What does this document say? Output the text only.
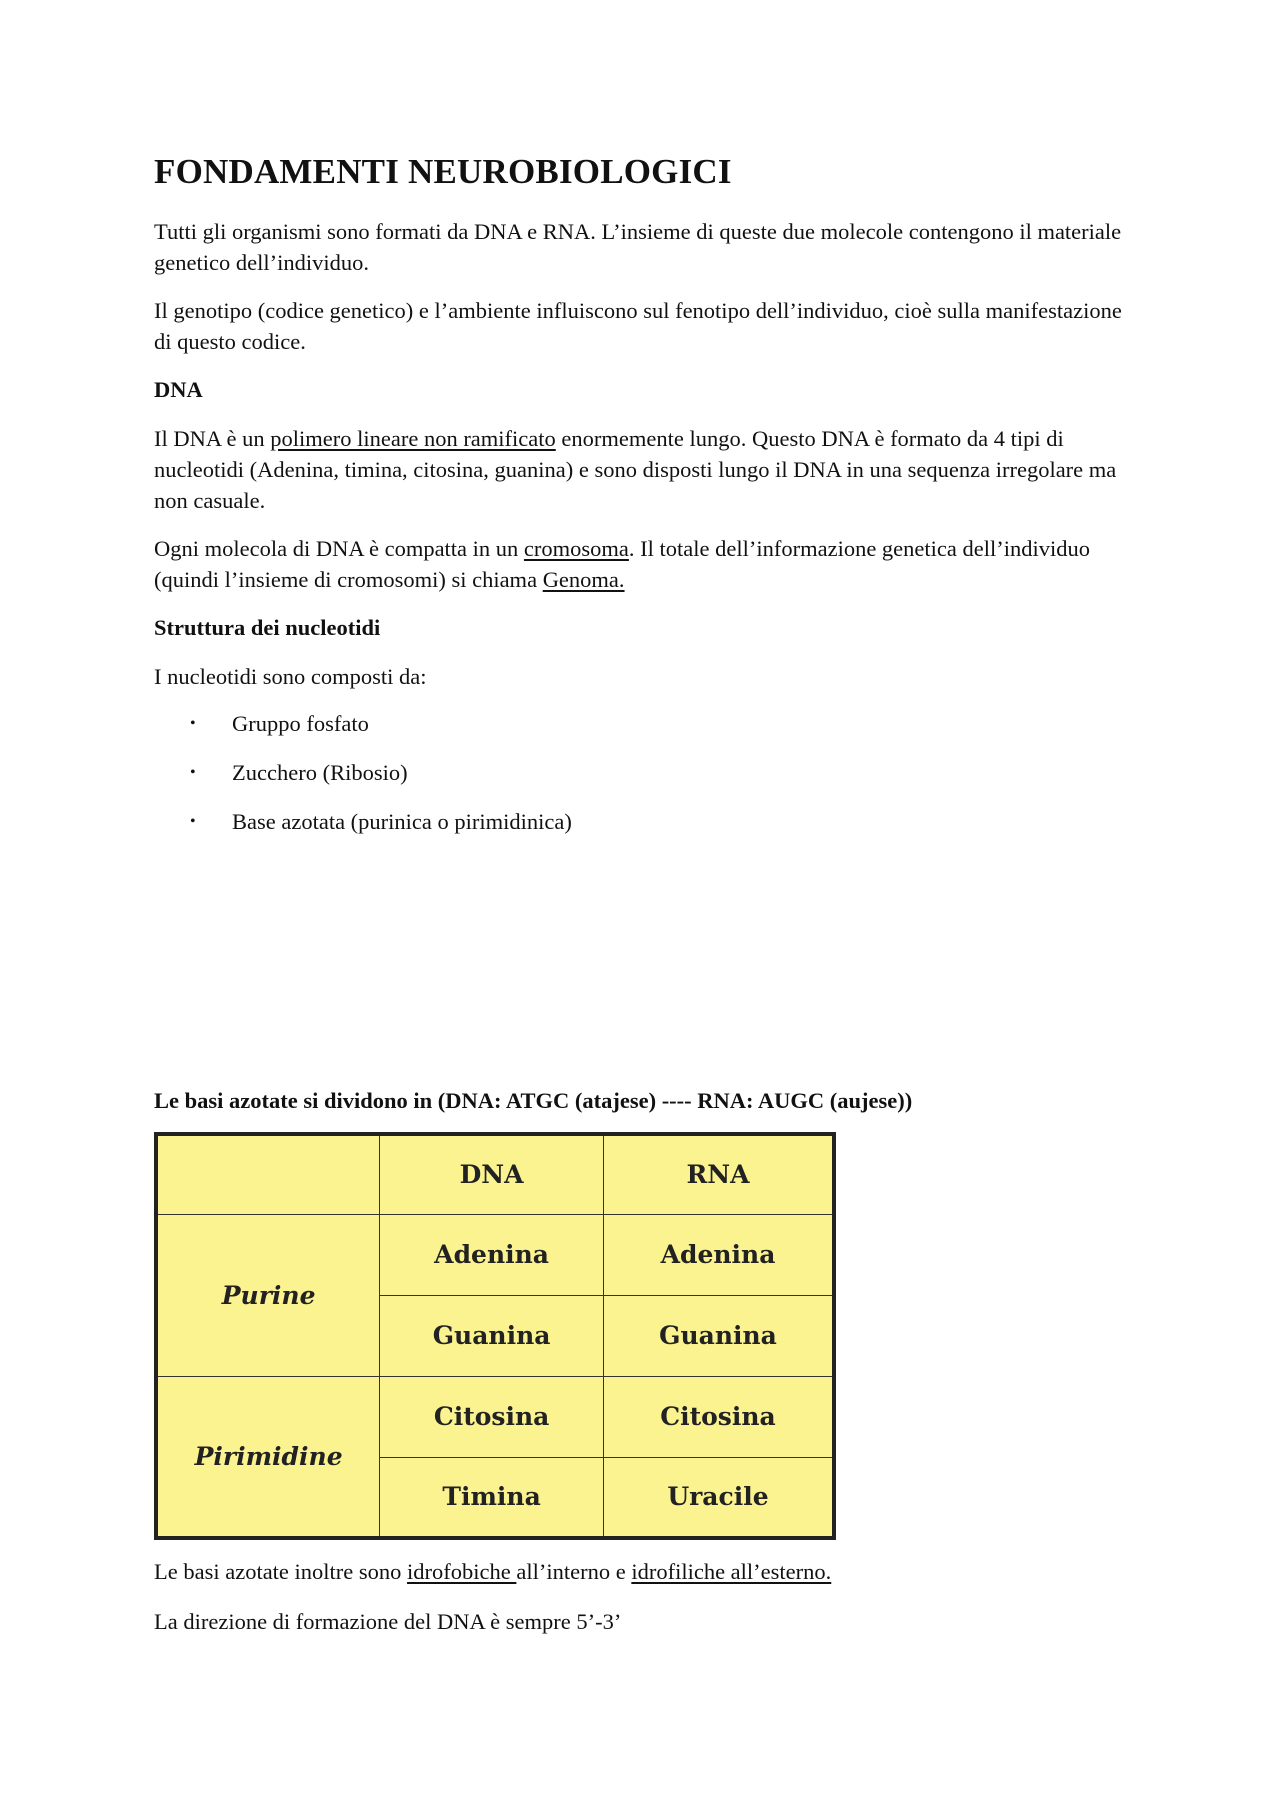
FONDAMENTI NEUROBIOLOGICI

Tutti gli organismi sono formati da DNA e RNA. L’insieme di queste due molecole contengono il materiale genetico dell’individuo.

Il genotipo (codice genetico) e l’ambiente influiscono sul fenotipo dell’individuo, cioè sulla manifestazione di questo codice.

DNA

Il DNA è un polimero lineare non ramificato enormemente lungo. Questo DNA è formato da 4 tipi di nucleotidi (Adenina, timina, citosina, guanina) e sono disposti lungo il DNA in una sequenza irregolare ma non casuale.

Ogni molecola di DNA è compatta in un cromosoma. Il totale dell’informazione genetica dell’individuo (quindi l’insieme di cromosomi) si chiama Genoma.

Struttura dei nucleotidi

I nucleotidi sono composti da:

• Gruppo fosfato
• Zucchero (Ribosio)
• Base azotata (purinica o pirimidinica)

Le basi azotate si dividono in (DNA: ATGC (atajese) ---- RNA: AUGC (aujese))

Le basi azotate inoltre sono idrofobiche all’interno e idrofiliche all’esterno.

La direzione di formazione del DNA è sempre 5’-3’

	DNA	RNA
Purine	Adenina	Adenina
	Guanina	Guanina
Pirimidine	Citosina	Citosina
	Timina	Uracile
